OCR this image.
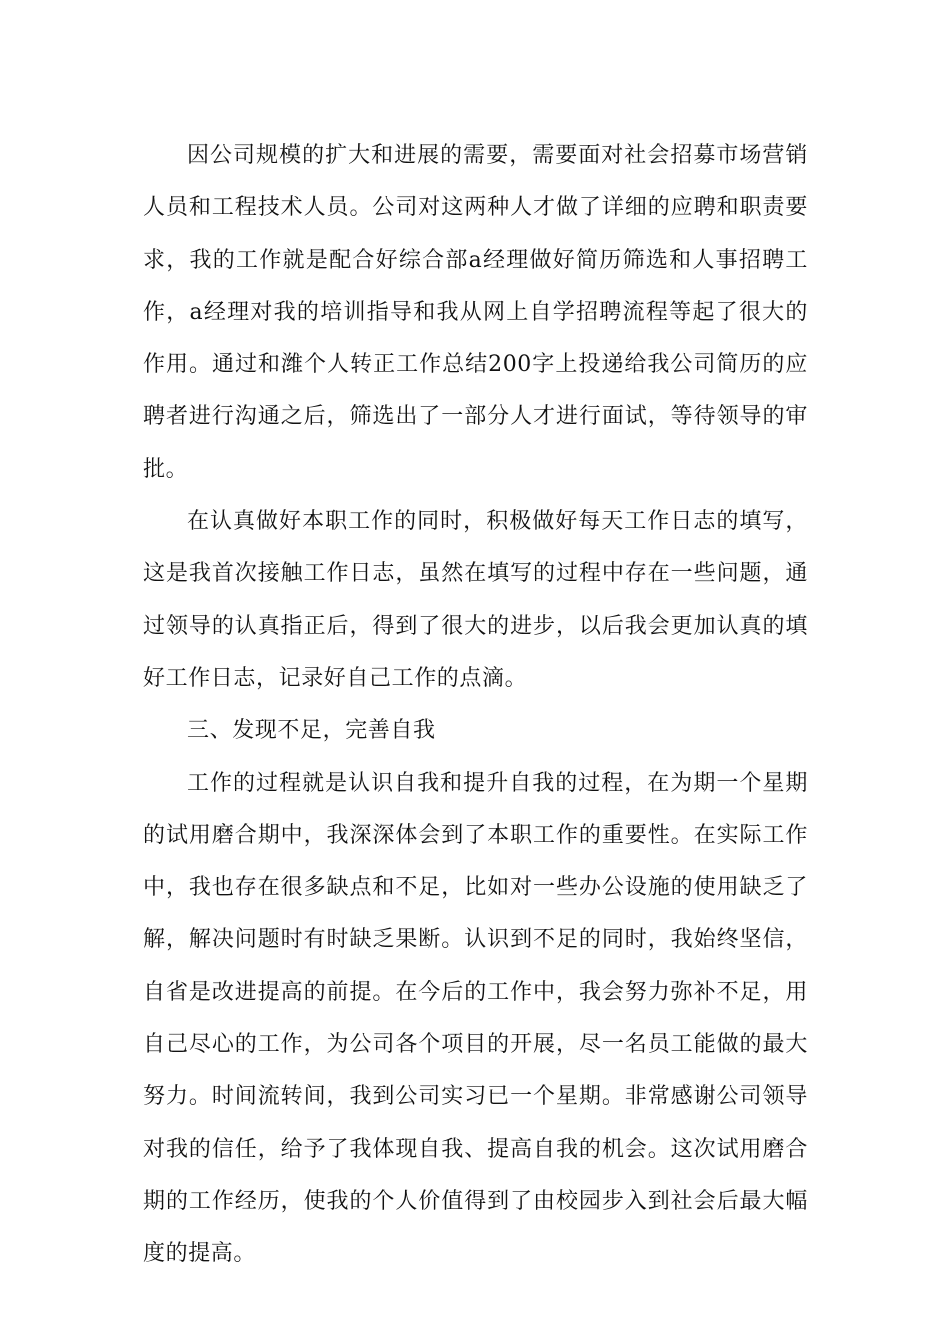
因公司规模的扩大和进展的需要，需要面对社会招募市场营销人员和工程技术人员。公司对这两种人才做了详细的应聘和职责要求，我的工作就是配合好综合部a经理做好简历筛选和人事招聘工作，a经理对我的培训指导和我从网上自学招聘流程等起了很大的作用。通过和潍个人转正工作总结200字上投递给我公司简历的应聘者进行沟通之后，筛选出了一部分人才进行面试，等待领导的审批。

在认真做好本职工作的同时，积极做好每天工作日志的填写，这是我首次接触工作日志，虽然在填写的过程中存在一些问题，通过领导的认真指正后，得到了很大的进步，以后我会更加认真的填好工作日志，记录好自己工作的点滴。

三、发现不足，完善自我

工作的过程就是认识自我和提升自我的过程，在为期一个星期的试用磨合期中，我深深体会到了本职工作的重要性。在实际工作中，我也存在很多缺点和不足，比如对一些办公设施的使用缺乏了解，解决问题时有时缺乏果断。认识到不足的同时，我始终坚信，自省是改进提高的前提。在今后的工作中，我会努力弥补不足，用自己尽心的工作，为公司各个项目的开展，尽一名员工能做的最大努力。时间流转间，我到公司实习已一个星期。非常感谢公司领导对我的信任，给予了我体现自我、提高自我的机会。这次试用磨合期的工作经历，使我的个人价值得到了由校园步入到社会后最大幅度的提高。
